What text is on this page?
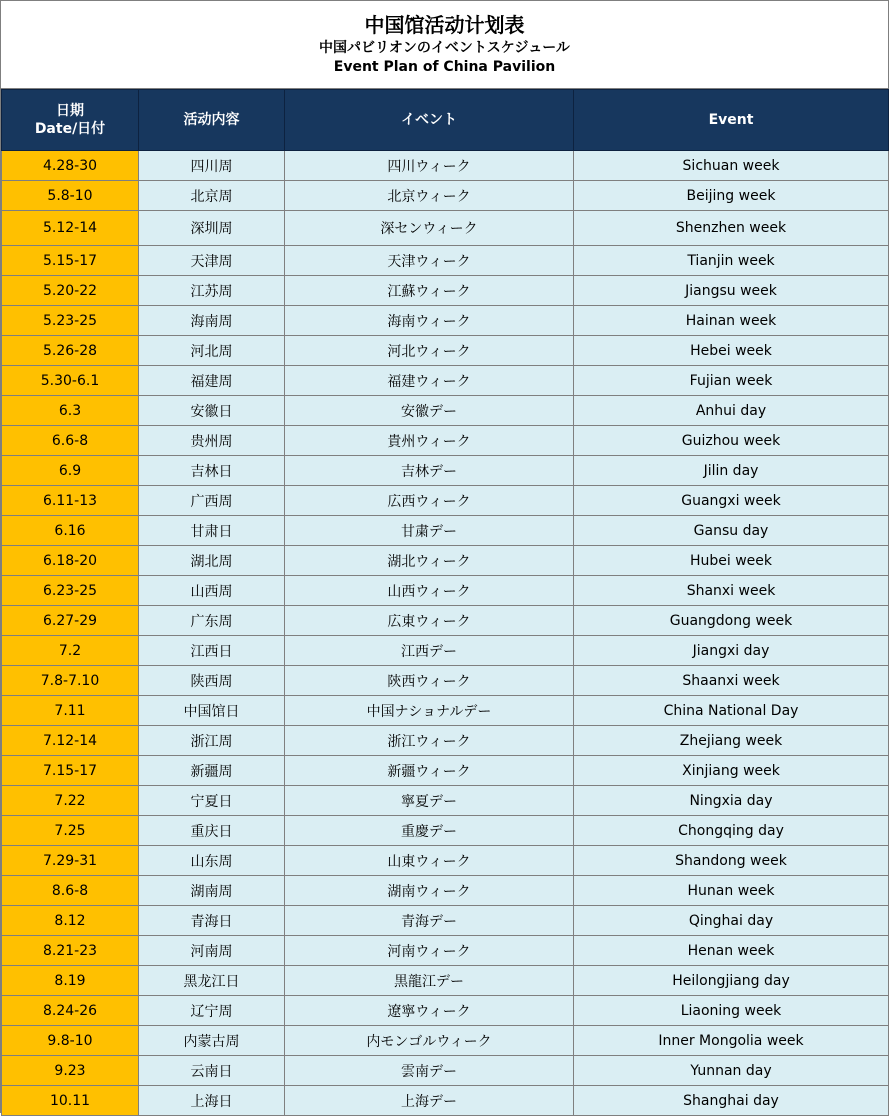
中国馆活动计划表
中国パビリオンのイベントスケジュール
Event Plan of China Pavilion
日期
Date/日付	活动内容	イベント	Event
4.28-30	四川周	四川ウィーク	Sichuan week
5.8-10	北京周	北京ウィーク	Beijing week
5.12-14	深圳周	深センウィーク	Shenzhen week
5.15-17	天津周	天津ウィーク	Tianjin week
5.20-22	江苏周	江蘇ウィーク	Jiangsu week
5.23-25	海南周	海南ウィーク	Hainan week
5.26-28	河北周	河北ウィーク	Hebei week
5.30-6.1	福建周	福建ウィーク	Fujian week
6.3	安徽日	安徽デー	Anhui day
6.6-8	贵州周	貴州ウィーク	Guizhou week
6.9	吉林日	吉林デー	Jilin day
6.11-13	广西周	広西ウィーク	Guangxi week
6.16	甘肃日	甘粛デー	Gansu day
6.18-20	湖北周	湖北ウィーク	Hubei week
6.23-25	山西周	山西ウィーク	Shanxi week
6.27-29	广东周	広東ウィーク	Guangdong week
7.2	江西日	江西デー	Jiangxi day
7.8-7.10	陕西周	陝西ウィーク	Shaanxi week
7.11	中国馆日	中国ナショナルデー	China National Day
7.12-14	浙江周	浙江ウィーク	Zhejiang week
7.15-17	新疆周	新疆ウィーク	Xinjiang week
7.22	宁夏日	寧夏デー	Ningxia day
7.25	重庆日	重慶デー	Chongqing day
7.29-31	山东周	山東ウィーク	Shandong week
8.6-8	湖南周	湖南ウィーク	Hunan week
8.12	青海日	青海デー	Qinghai day
8.21-23	河南周	河南ウィーク	Henan week
8.19	黑龙江日	黒龍江デー	Heilongjiang day
8.24-26	辽宁周	遼寧ウィーク	Liaoning week
9.8-10	内蒙古周	内モンゴルウィーク	Inner Mongolia week
9.23	云南日	雲南デー	Yunnan day
10.11	上海日	上海デー	Shanghai day
